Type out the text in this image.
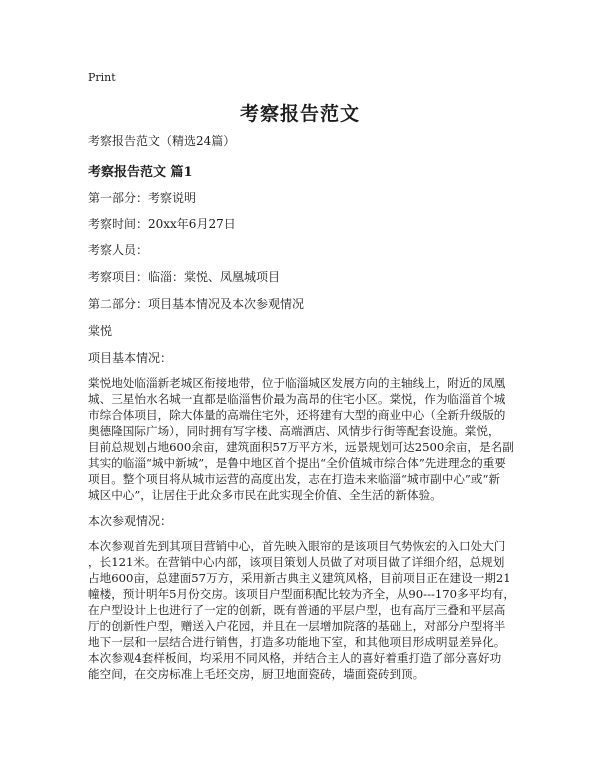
Print
考察报告范文
考察报告范文（精选24篇）
考察报告范文 篇1
第一部分：考察说明
考察时间：20xx年6月27日
考察人员：
考察项目：临淄：棠悦、凤凰城项目
第二部分：项目基本情况及本次参观情况
棠悦
项目基本情况：
棠悦地处临淄新老城区衔接地带，位于临淄城区发展方向的主轴线上，附近的凤凰
城、三星怡水名城一直都是临淄售价最为高昂的住宅小区。棠悦，作为临淄首个城
市综合体项目，除大体量的高端住宅外，还将建有大型的商业中心（全新升级版的
奥德隆国际广场），同时拥有写字楼、高端酒店、风情步行街等配套设施。棠悦，
目前总规划占地600余亩，建筑面积57万平方米，远景规划可达2500余亩，是名副
其实的临淄“城中新城”，是鲁中地区首个提出“全价值城市综合体”先进理念的重要
项目。整个项目将从城市运营的高度出发，志在打造未来临淄“城市副中心”或“新
城区中心”，让居住于此众多市民在此实现全价值、全生活的新体验。
本次参观情况：
本次参观首先到其项目营销中心，首先映入眼帘的是该项目气势恢宏的入口处大门
，长121米。在营销中心内部，该项目策划人员做了对项目做了详细介绍，总规划
占地600亩，总建面57万方，采用新古典主义建筑风格，目前项目正在建设一期21
幢楼，预计明年5月份交房。该项目户型面积配比较为齐全，从90---170多平均有，
在户型设计上也进行了一定的创新，既有普通的平层户型，也有高厅三叠和平层高
厅的创新性户型，赠送入户花园，并且在一层增加院落的基础上，对部分户型将半
地下一层和一层结合进行销售，打造多功能地下室，和其他项目形成明显差异化。
本次参观4套样板间，均采用不同风格，并结合主人的喜好着重打造了部分喜好功
能空间，在交房标准上毛坯交房，厨卫地面瓷砖，墙面瓷砖到顶。
